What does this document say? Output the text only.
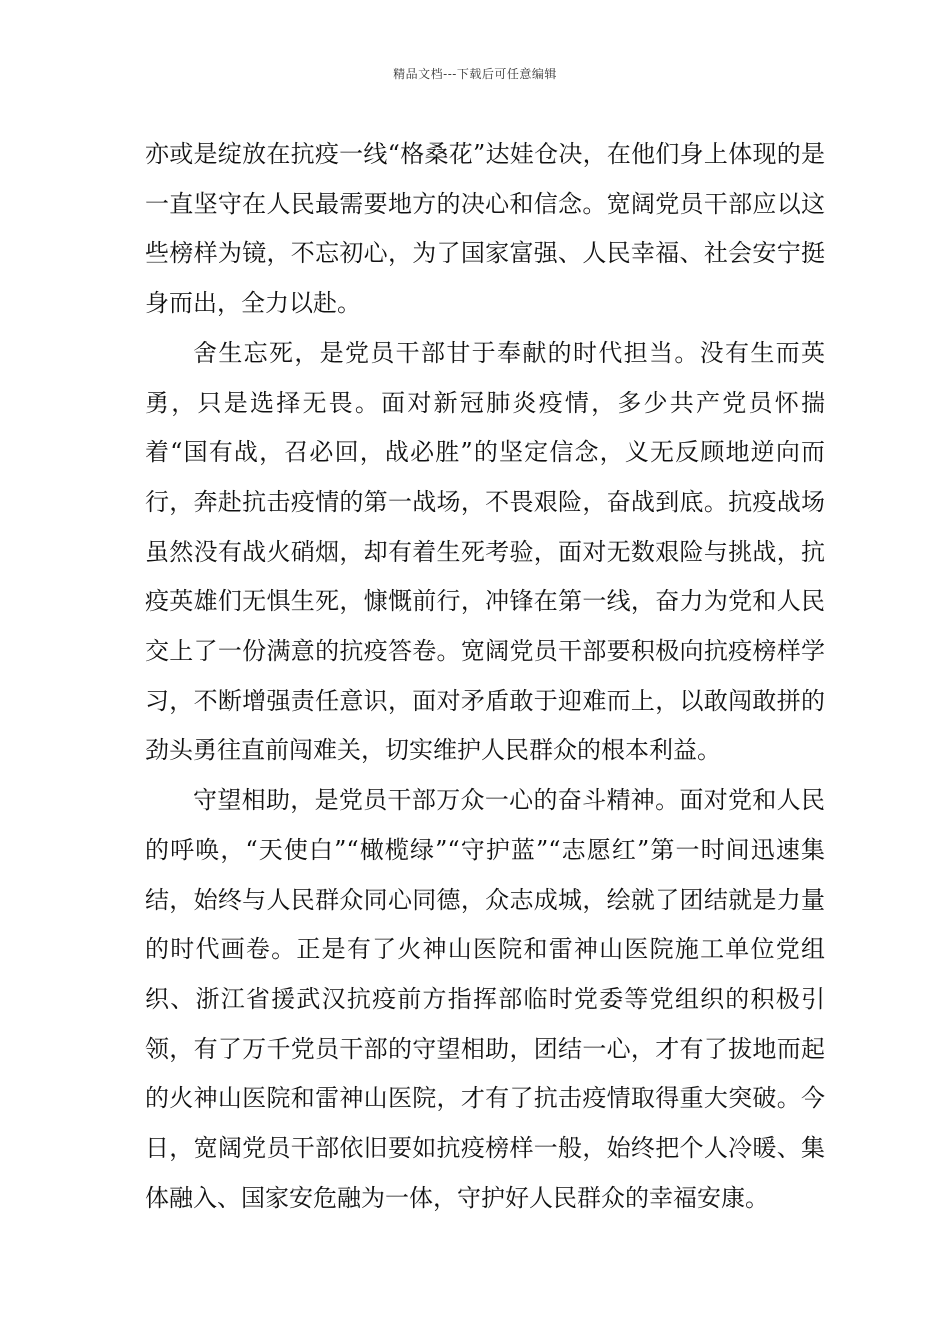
精品文档---下载后可任意编辑

亦或是绽放在抗疫一线“格桑花”达娃仓决，在他们身上体现的是一直坚守在人民最需要地方的决心和信念。宽阔党员干部应以这些榜样为镜，不忘初心，为了国家富强、人民幸福、社会安宁挺身而出，全力以赴。

舍生忘死，是党员干部甘于奉献的时代担当。没有生而英勇，只是选择无畏。面对新冠肺炎疫情，多少共产党员怀揣着“国有战，召必回，战必胜”的坚定信念，义无反顾地逆向而行，奔赴抗击疫情的第一战场，不畏艰险，奋战到底。抗疫战场虽然没有战火硝烟，却有着生死考验，面对无数艰险与挑战，抗疫英雄们无惧生死，慷慨前行，冲锋在第一线，奋力为党和人民交上了一份满意的抗疫答卷。宽阔党员干部要积极向抗疫榜样学习，不断增强责任意识，面对矛盾敢于迎难而上，以敢闯敢拼的劲头勇往直前闯难关，切实维护人民群众的根本利益。

守望相助，是党员干部万众一心的奋斗精神。面对党和人民的呼唤，“天使白”“橄榄绿”“守护蓝”“志愿红”第一时间迅速集结，始终与人民群众同心同德，众志成城，绘就了团结就是力量的时代画卷。正是有了火神山医院和雷神山医院施工单位党组织、浙江省援武汉抗疫前方指挥部临时党委等党组织的积极引领，有了万千党员干部的守望相助，团结一心，才有了拔地而起的火神山医院和雷神山医院，才有了抗击疫情取得重大突破。今日，宽阔党员干部依旧要如抗疫榜样一般，始终把个人冷暖、集体融入、国家安危融为一体，守护好人民群众的幸福安康。
